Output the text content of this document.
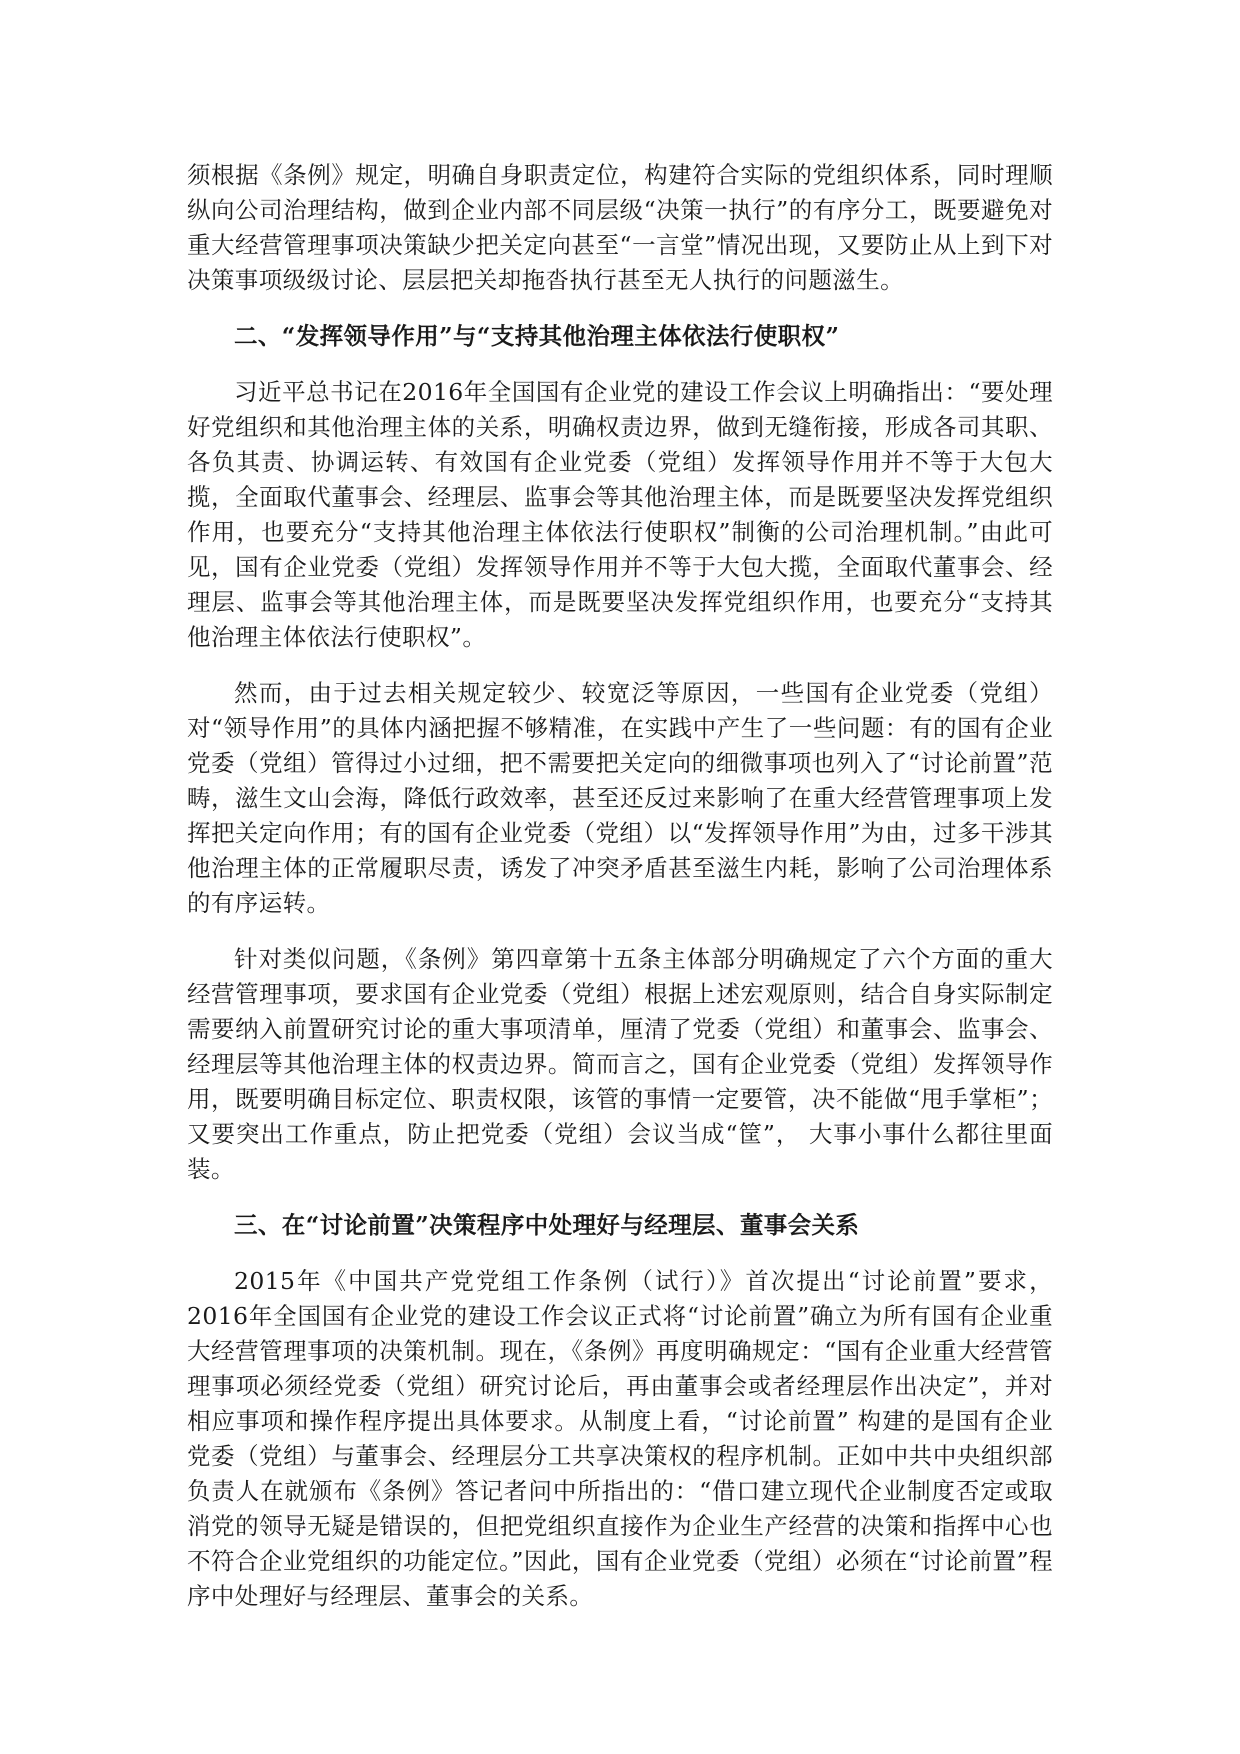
须根据《条例》规定，明确自身职责定位，构建符合实际的党组织体系，同时理顺纵向公司治理结构，做到企业内部不同层级“决策一执行”的有序分工，既要避免对重大经营管理事项决策缺少把关定向甚至“一言堂”情况出现，又要防止从上到下对决策事项级级讨论、层层把关却拖沓执行甚至无人执行的问题滋生。

二、“发挥领导作用”与“支持其他治理主体依法行使职权”

习近平总书记在2016年全国国有企业党的建设工作会议上明确指出：“要处理好党组织和其他治理主体的关系，明确权责边界，做到无缝衔接，形成各司其职、各负其责、协调运转、有效国有企业党委（党组）发挥领导作用并不等于大包大揽，全面取代董事会、经理层、监事会等其他治理主体，而是既要坚决发挥党组织作用，也要充分“支持其他治理主体依法行使职权”制衡的公司治理机制。”由此可见，国有企业党委（党组）发挥领导作用并不等于大包大揽，全面取代董事会、经理层、监事会等其他治理主体，而是既要坚决发挥党组织作用，也要充分“支持其他治理主体依法行使职权”。

然而，由于过去相关规定较少、较宽泛等原因，一些国有企业党委（党组） 对“领导作用”的具体内涵把握不够精准，在实践中产生了一些问题：有的国有企业党委（党组）管得过小过细，把不需要把关定向的细微事项也列入了“讨论前置”范畴，滋生文山会海，降低行政效率，甚至还反过来影响了在重大经营管理事项上发挥把关定向作用；有的国有企业党委（党组）以“发挥领导作用”为由，过多干涉其他治理主体的正常履职尽责，诱发了冲突矛盾甚至滋生内耗，影响了公司治理体系的有序运转。

针对类似问题，《条例》第四章第十五条主体部分明确规定了六个方面的重大经营管理事项，要求国有企业党委（党组）根据上述宏观原则，结合自身实际制定需要纳入前置研究讨论的重大事项清单，厘清了党委（党组）和董事会、监事会、经理层等其他治理主体的权责边界。简而言之，国有企业党委（党组）发挥领导作用，既要明确目标定位、职责权限，该管的事情一定要管，决不能做“甩手掌柜”；又要突出工作重点，防止把党委（党组）会议当成“筐”， 大事小事什么都往里面装。

三、在“讨论前置”决策程序中处理好与经理层、董事会关系

2015年《中国共产党党组工作条例（试行）》首次提出“讨论前置”要求，2016年全国国有企业党的建设工作会议正式将“讨论前置”确立为所有国有企业重大经营管理事项的决策机制。现在，《条例》再度明确规定：“国有企业重大经营管理事项必须经党委（党组）研究讨论后，再由董事会或者经理层作出决定”，并对相应事项和操作程序提出具体要求。从制度上看，“讨论前置” 构建的是国有企业党委（党组）与董事会、经理层分工共享决策权的程序机制。正如中共中央组织部负责人在就颁布《条例》答记者问中所指出的：“借口建立现代企业制度否定或取消党的领导无疑是错误的，但把党组织直接作为企业生产经营的决策和指挥中心也不符合企业党组织的功能定位。”因此，国有企业党委（党组）必须在“讨论前置”程序中处理好与经理层、董事会的关系。
